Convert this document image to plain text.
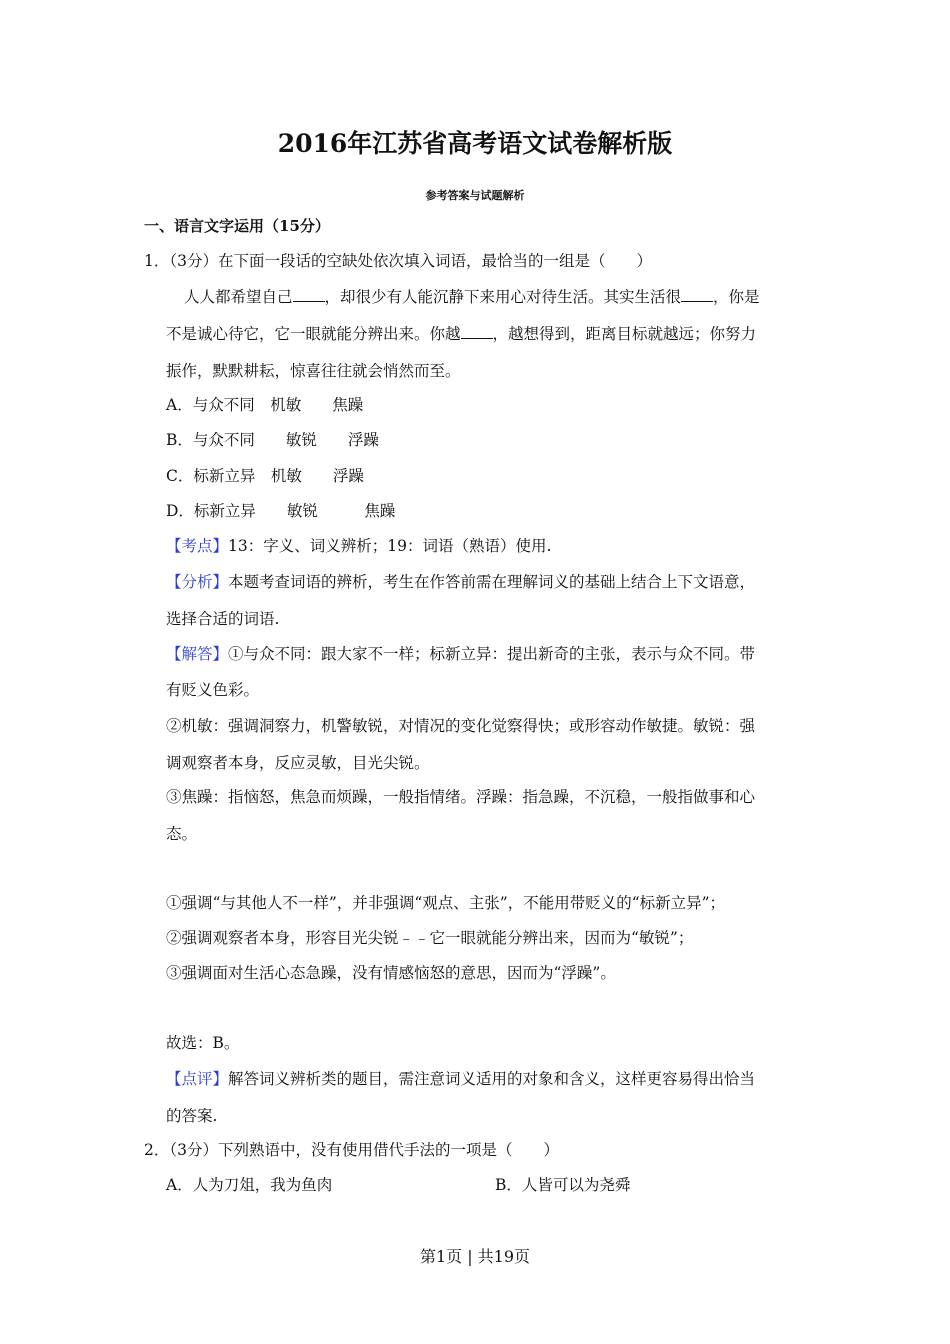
2016年江苏省高考语文试卷解析版
参考答案与试题解析
一、语言文字运用（15分）
1．（3分）在下面一段话的空缺处依次填入词语，最恰当的一组是（　　）
人人都希望自己 ，却很少有人能沉静下来用心对待生活。其实生活很 ，你是
不是诚心待它，它一眼就能分辨出来。你越 ，越想得到，距离目标就越远；你努力
振作，默默耕耘，惊喜往往就会悄然而至。
A．与众不同　机敏　　焦躁
B．与众不同　　敏锐　　浮躁
C．标新立异　机敏　　浮躁
D．标新立异　　敏锐　　　焦躁
【考点】13：字义、词义辨析；19：词语（熟语）使用.
【分析】本题考查词语的辨析，考生在作答前需在理解词义的基础上结合上下文语意，
选择合适的词语.
【解答】①与众不同：跟大家不一样；标新立异：提出新奇的主张，表示与众不同。带
有贬义色彩。
②机敏：强调洞察力，机警敏锐，对情况的变化觉察得快；或形容动作敏捷。敏锐：强
调观察者本身，反应灵敏，目光尖锐。
③焦躁：指恼怒，焦急而烦躁，一般指情绪。浮躁：指急躁，不沉稳，一般指做事和心
态。
①强调“与其他人不一样”，并非强调“观点、主张”，不能用带贬义的“标新立异”；
②强调观察者本身，形容目光尖锐﹣﹣它一眼就能分辨出来，因而为“敏锐”；
③强调面对生活心态急躁，没有情感恼怒的意思，因而为“浮躁”。
故选：B。
【点评】解答词义辨析类的题目，需注意词义适用的对象和含义，这样更容易得出恰当
的答案.
2．（3分）下列熟语中，没有使用借代手法的一项是（　　）
A．人为刀俎，我为鱼肉	B．人皆可以为尧舜
第1页 | 共19页
